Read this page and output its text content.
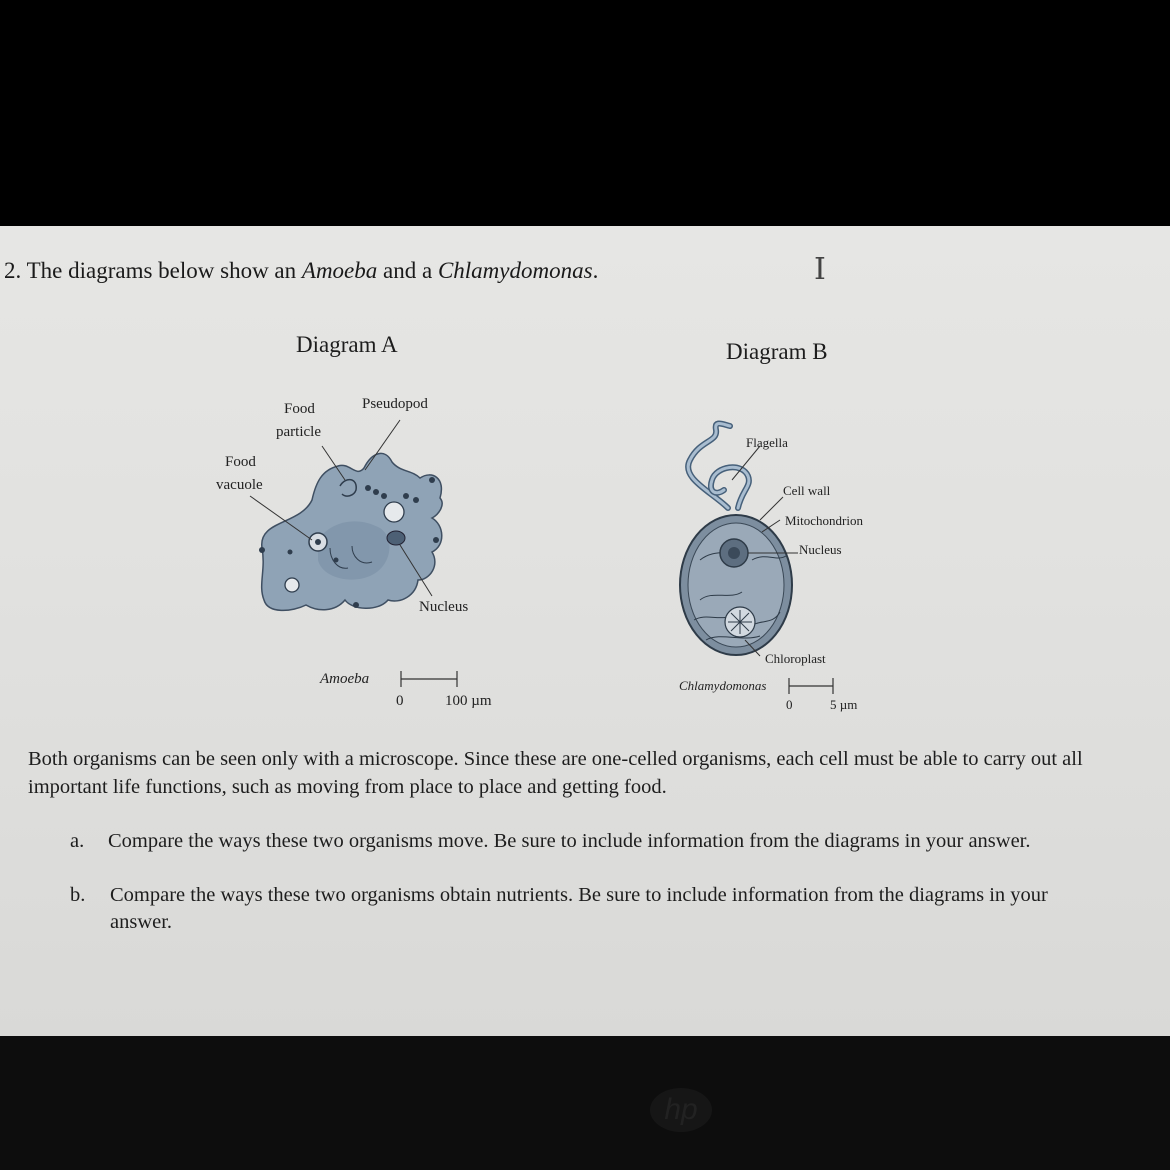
2. The diagrams below show an Amoeba and a Chlamydomonas.	I
Diagram A	Diagram B
Food
particle
Pseudopod
Food
vacuole
Nucleus
Amoeba
0	100 µm
Flagella
Cell wall
Mitochondrion
Nucleus
Chloroplast
Chlamydomonas
0	5 µm
Both organisms can be seen only with a microscope. Since these are one-celled organisms, each cell must be able to carry out all important life functions, such as moving from place to place and getting food.
a. Compare the ways these two organisms move. Be sure to include information from the diagrams in your answer.
b. Compare the ways these two organisms obtain nutrients. Be sure to include information from the diagrams in your answer.
hp
